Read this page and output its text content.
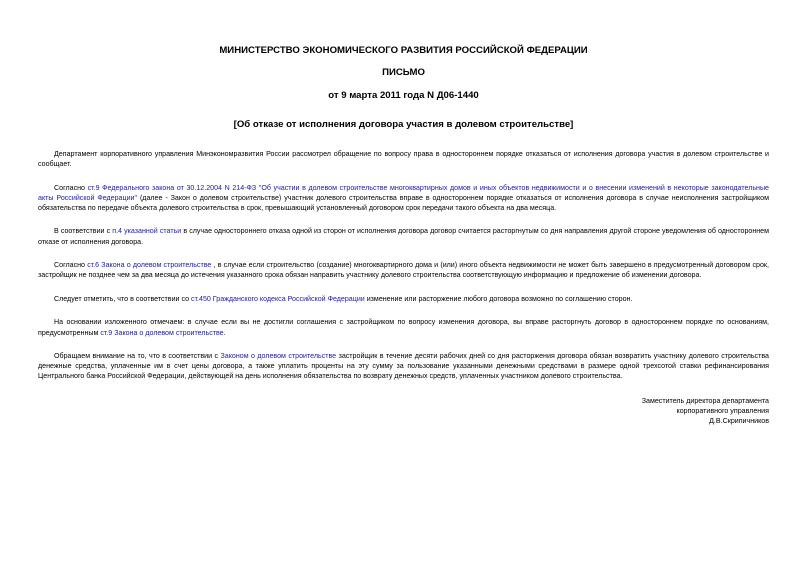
МИНИСТЕРСТВО ЭКОНОМИЧЕСКОГО РАЗВИТИЯ РОССИЙСКОЙ ФЕДЕРАЦИИ
ПИСЬМО
от 9 марта 2011 года N Д06-1440
[Об отказе от исполнения договора участия в долевом строительстве]

Департамент корпоративного управления Минэкономразвития России рассмотрел обращение по вопросу права в одностороннем порядке отказаться от исполнения договора участия в долевом строительстве и сообщает.

Согласно ст.9 Федерального закона от 30.12.2004 N 214-ФЗ "Об участии в долевом строительстве многоквартирных домов и иных объектов недвижимости и о внесении изменений в некоторые законодательные акты Российской Федерации" (далее - Закон о долевом строительстве) участник долевого строительства вправе в одностороннем порядке отказаться от исполнения договора в случае неисполнения застройщиком обязательства по передаче объекта долевого строительства в срок, превышающий установленный договором срок передачи такого объекта на два месяца.

В соответствии с п.4 указанной статьи в случае одностороннего отказа одной из сторон от исполнения договора договор считается расторгнутым со дня направления другой стороне уведомления об одностороннем отказе от исполнения договора.

Согласно ст.6 Закона о долевом строительстве , в случае если строительство (создание) многоквартирного дома и (или) иного объекта недвижимости не может быть завершено в предусмотренный договором срок, застройщик не позднее чем за два месяца до истечения указанного срока обязан направить участнику долевого строительства соответствующую информацию и предложение об изменении договора.

Следует отметить, что в соответствии со ст.450 Гражданского кодекса Российской Федерации изменение или расторжение любого договора возможно по соглашению сторон.

На основании изложенного отмечаем: в случае если вы не достигли соглашения с застройщиком по вопросу изменения договора, вы вправе расторгнуть договор в одностороннем порядке по основаниям, предусмотренным ст.9 Закона о долевом строительстве.

Обращаем внимание на то, что в соответствии с Законом о долевом строительстве застройщик в течение десяти рабочих дней со дня расторжения договора обязан возвратить участнику долевого строительства денежные средства, уплаченные им в счет цены договора, а также уплатить проценты на эту сумму за пользование указанными денежными средствами в размере одной трехсотой ставки рефинансирования Центрального банка Российской Федерации, действующей на день исполнения обязательства по возврату денежных средств, уплаченных участником долевого строительства.

Заместитель директора департамента
корпоративного управления
Д.В.Скрипичников
